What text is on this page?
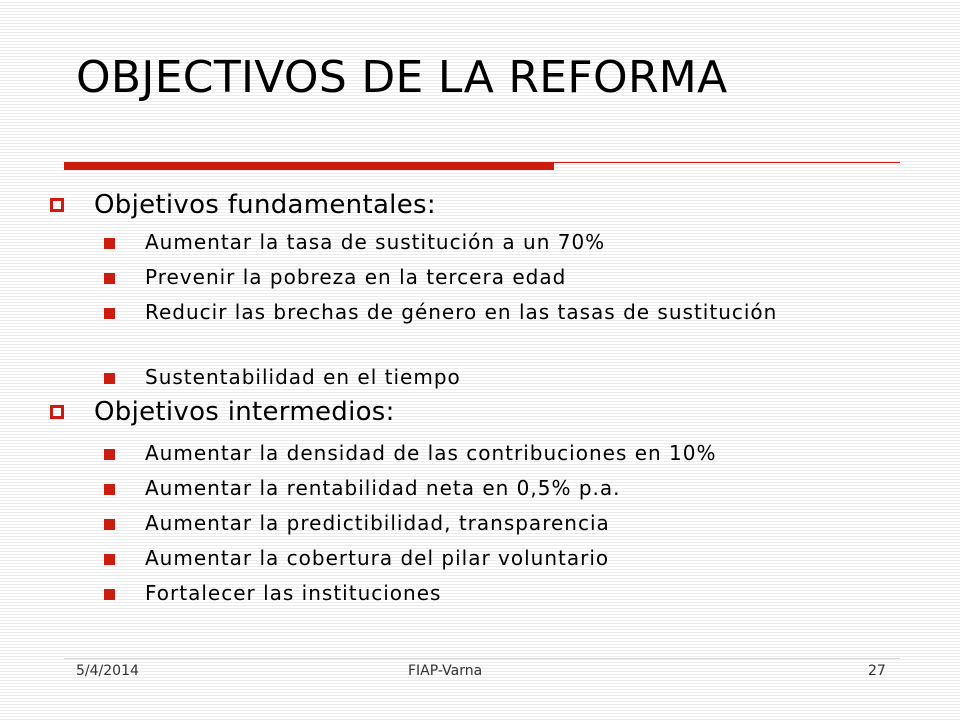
OBJECTIVOS DE LA REFORMA
Objetivos fundamentales:
Aumentar la tasa de sustitución a un 70%
Prevenir la pobreza en la tercera edad
Reducir las brechas de género en las tasas de sustitución
Sustentabilidad en el tiempo
Objetivos intermedios:
Aumentar la densidad de las contribuciones en 10%
Aumentar la rentabilidad neta en 0,5% p.a.
Aumentar la predictibilidad, transparencia
Aumentar la cobertura del pilar voluntario
Fortalecer las instituciones
5/4/2014	FIAP-Varna	27
